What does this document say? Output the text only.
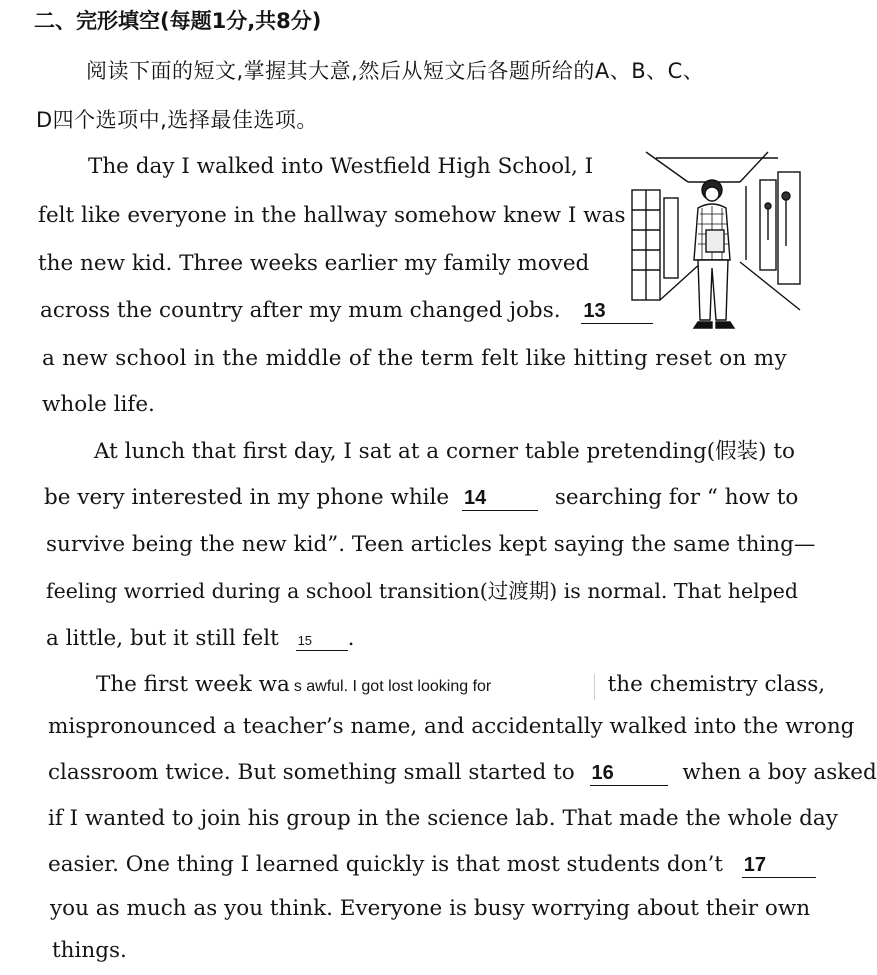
二、完形填空(每题1分,共8分)
阅读下面的短文,掌握其大意,然后从短文后各题所给的A、B、C、
D四个选项中,选择最佳选项。
The day I walked into Westfield High School, I
felt like everyone in the hallway somehow knew I was
the new kid. Three weeks earlier my family moved
across the country after my mum changed jobs. 13
a new school in the middle of the term felt like hitting reset on my
whole life.
At lunch that first day, I sat at a corner table pretending(假装) to
be very interested in my phone while 14	searching for “ how to
survive being the new kid”. Teen articles kept saying the same thing—
feeling worried during a school transition(过渡期) is normal. That helped
a little, but it still felt 15 .
The first week wa s awful. I got lost looking for	the chemistry class,
mispronounced a teacher’s name, and accidentally walked into the wrong
classroom twice. But something small started to 16	when a boy asked
if I wanted to join his group in the science lab. That made the whole day
easier. One thing I learned quickly is that most students don’t 17
you as much as you think. Everyone is busy worrying about their own
things.
